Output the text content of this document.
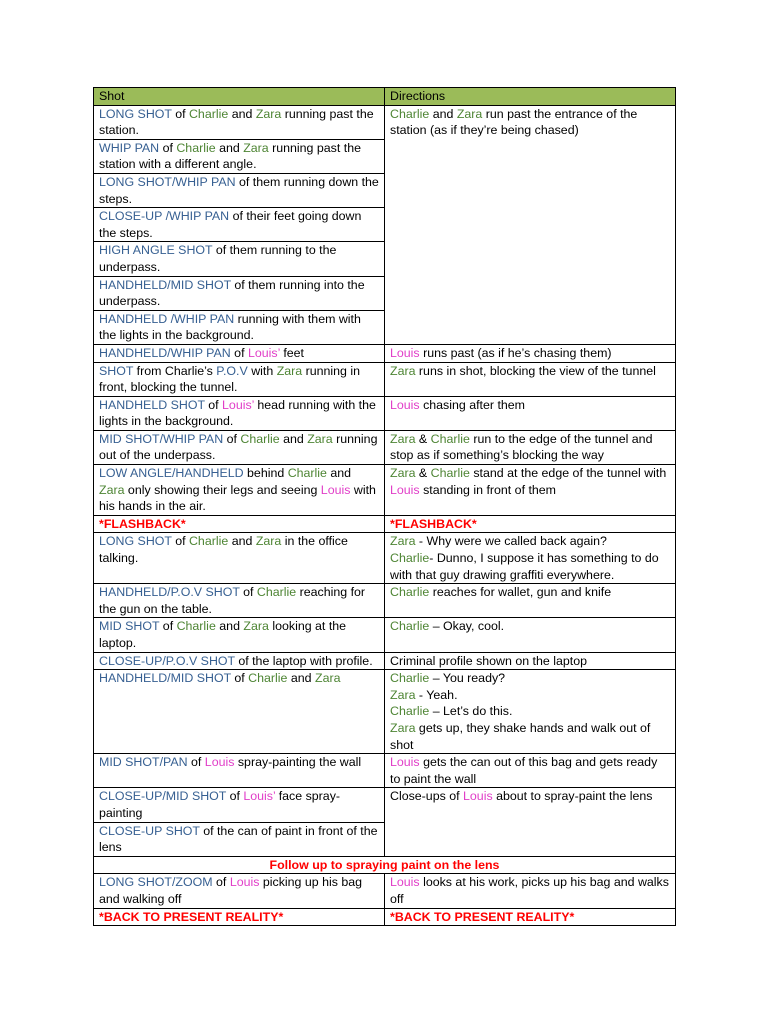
Shot	Directions
LONG SHOT of Charlie and Zara running past the station.	Charlie and Zara run past the entrance of the station (as if they’re being chased)

WHIP PAN of Charlie and Zara running past the station with a different angle.	
LONG SHOT/WHIP PAN of them running down the steps.	
CLOSE-UP /WHIP PAN of their feet going down the steps.	
HIGH ANGLE SHOT of them running to the underpass.	
HANDHELD/MID SHOT of them running into the underpass.	
HANDHELD /WHIP PAN running with them with the lights in the background.	
HANDHELD/WHIP PAN of Louis’ feet	Louis runs past (as if he’s chasing them)

SHOT from Charlie’s P.O.V with Zara running in front, blocking the tunnel.	Zara runs in shot, blocking the view of the tunnel

HANDHELD SHOT of Louis’ head running with the lights in the background.	Louis chasing after them

MID SHOT/WHIP PAN of Charlie and Zara running out of the underpass.	Zara & Charlie run to the edge of the tunnel and stop as if something’s blocking the way

LOW ANGLE/HANDHELD behind Charlie and Zara only showing their legs and seeing Louis with his hands in the air.	Zara & Charlie stand at the edge of the tunnel with Louis standing in front of them

*FLASHBACK*	*FLASHBACK*

LONG SHOT of Charlie and Zara in the office talking.	Zara - Why were we called back again?
Charlie- Dunno, I suppose it has something to do with that guy drawing graffiti everywhere.

HANDHELD/P.O.V SHOT of Charlie reaching for the gun on the table.	Charlie reaches for wallet, gun and knife

MID SHOT of Charlie and Zara looking at the laptop.	Charlie – Okay, cool.

CLOSE-UP/P.O.V SHOT of the laptop with profile.	Criminal profile shown on the laptop

HANDHELD/MID SHOT of Charlie and Zara	Charlie – You ready?
Zara - Yeah.
Charlie – Let’s do this.
Zara gets up, they shake hands and walk out of shot

MID SHOT/PAN of Louis spray-painting the wall	Louis gets the can out of this bag and gets ready to paint the wall

CLOSE-UP/MID SHOT of Louis’ face spray-painting	Close-ups of Louis about to spray-paint the lens

CLOSE-UP SHOT of the can of paint in front of the lens	
Follow up to spraying paint on the lens	
LONG SHOT/ZOOM of Louis picking up his bag and walking off	Louis looks at his work, picks up his bag and walks off

*BACK TO PRESENT REALITY*	*BACK TO PRESENT REALITY*
